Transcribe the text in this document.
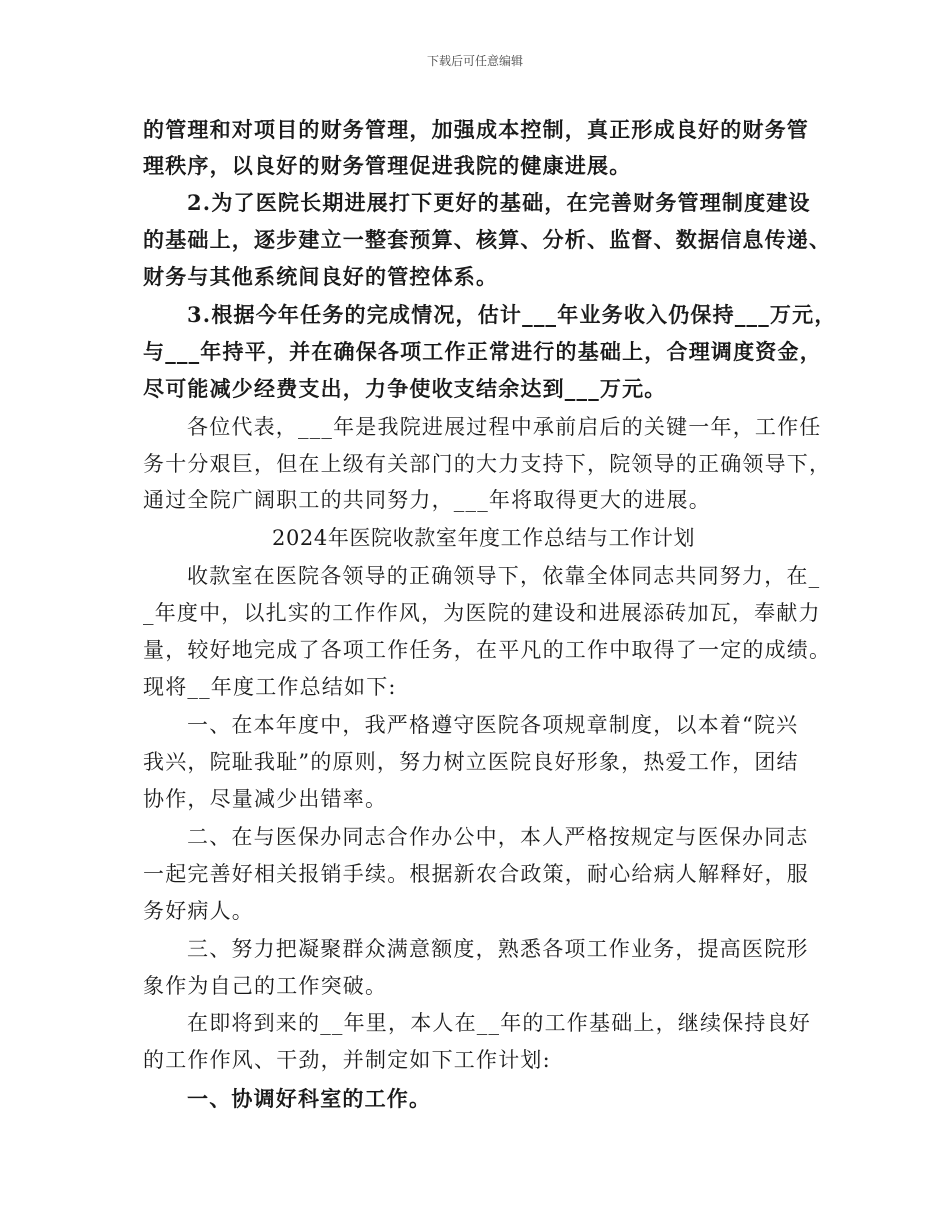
下载后可任意编辑
的管理和对项目的财务管理，加强成本控制，真正形成良好的财务管
理秩序，以良好的财务管理促进我院的健康进展。
2.为了医院长期进展打下更好的基础，在完善财务管理制度建设
的基础上，逐步建立一整套预算、核算、分析、监督、数据信息传递、
财务与其他系统间良好的管控体系。
3.根据今年任务的完成情况，估计___年业务收入仍保持___万元，
与___年持平，并在确保各项工作正常进行的基础上，合理调度资金，
尽可能减少经费支出，力争使收支结余达到___万元。
各位代表，___年是我院进展过程中承前启后的关键一年，工作任
务十分艰巨，但在上级有关部门的大力支持下，院领导的正确领导下，
通过全院广阔职工的共同努力，___年将取得更大的进展。
2024年医院收款室年度工作总结与工作计划
收款室在医院各领导的正确领导下，依靠全体同志共同努力，在_
_年度中，以扎实的工作作风，为医院的建设和进展添砖加瓦，奉献力
量，较好地完成了各项工作任务，在平凡的工作中取得了一定的成绩。
现将__年度工作总结如下:
一、在本年度中，我严格遵守医院各项规章制度，以本着“院兴
我兴，院耻我耻”的原则，努力树立医院良好形象，热爱工作，团结
协作，尽量减少出错率。
二、在与医保办同志合作办公中，本人严格按规定与医保办同志
一起完善好相关报销手续。根据新农合政策，耐心给病人解释好，服
务好病人。
三、努力把凝聚群众满意额度，熟悉各项工作业务，提高医院形
象作为自己的工作突破。
在即将到来的__年里，本人在__年的工作基础上，继续保持良好
的工作作风、干劲，并制定如下工作计划:
一、协调好科室的工作。
